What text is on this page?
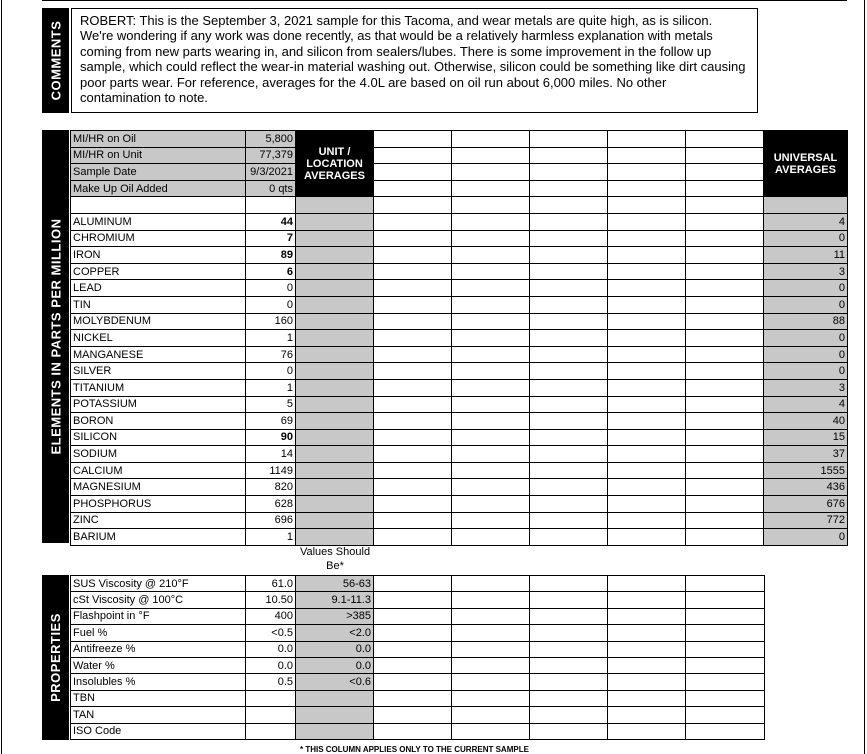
COMMENTS
ROBERT: This is the September 3, 2021 sample for this Tacoma, and wear metals are quite high, as is silicon. We're wondering if any work was done recently, as that would be a relatively harmless explanation with metals coming from new parts wearing in, and silicon from sealers/lubes. There is some improvement in the follow up sample, which could reflect the wear-in material washing out. Otherwise, silicon could be something like dirt causing poor parts wear. For reference, averages for the 4.0L are based on oil run about 6,000 miles. No other contamination to note.
ELEMENTS IN PARTS PER MILLION
MI/HR on Oil	5,800	UNIT / LOCATION AVERAGES						UNIVERSAL AVERAGES
MI/HR on Unit	77,379							
Sample Date	9/3/2021							
Make Up Oil Added	0 qts							

ALUMINUM	44							4
CHROMIUM	7							0
IRON	89							11
COPPER	6							3
LEAD	0							0
TIN	0							0
MOLYBDENUM	160							88
NICKEL	1							0
MANGANESE	76							0
SILVER	0							0
TITANIUM	1							3
POTASSIUM	5							4
BORON	69							40
SILICON	90							15
SODIUM	14							37
CALCIUM	1149							1555
MAGNESIUM	820							436
PHOSPHORUS	628							676
ZINC	696							772
BARIUM	1							0
Values Should Be*
PROPERTIES
SUS Viscosity @ 210°F	61.0	56-63					
cSt Viscosity @ 100°C	10.50	9.1-11.3					
Flashpoint in °F	400	>385					
Fuel %	<0.5	<2.0					
Antifreeze %	0.0	0.0					
Water %	0.0	0.0					
Insolubles %	0.5	<0.6					
TBN							
TAN							
ISO Code							
* THIS COLUMN APPLIES ONLY TO THE CURRENT SAMPLE
